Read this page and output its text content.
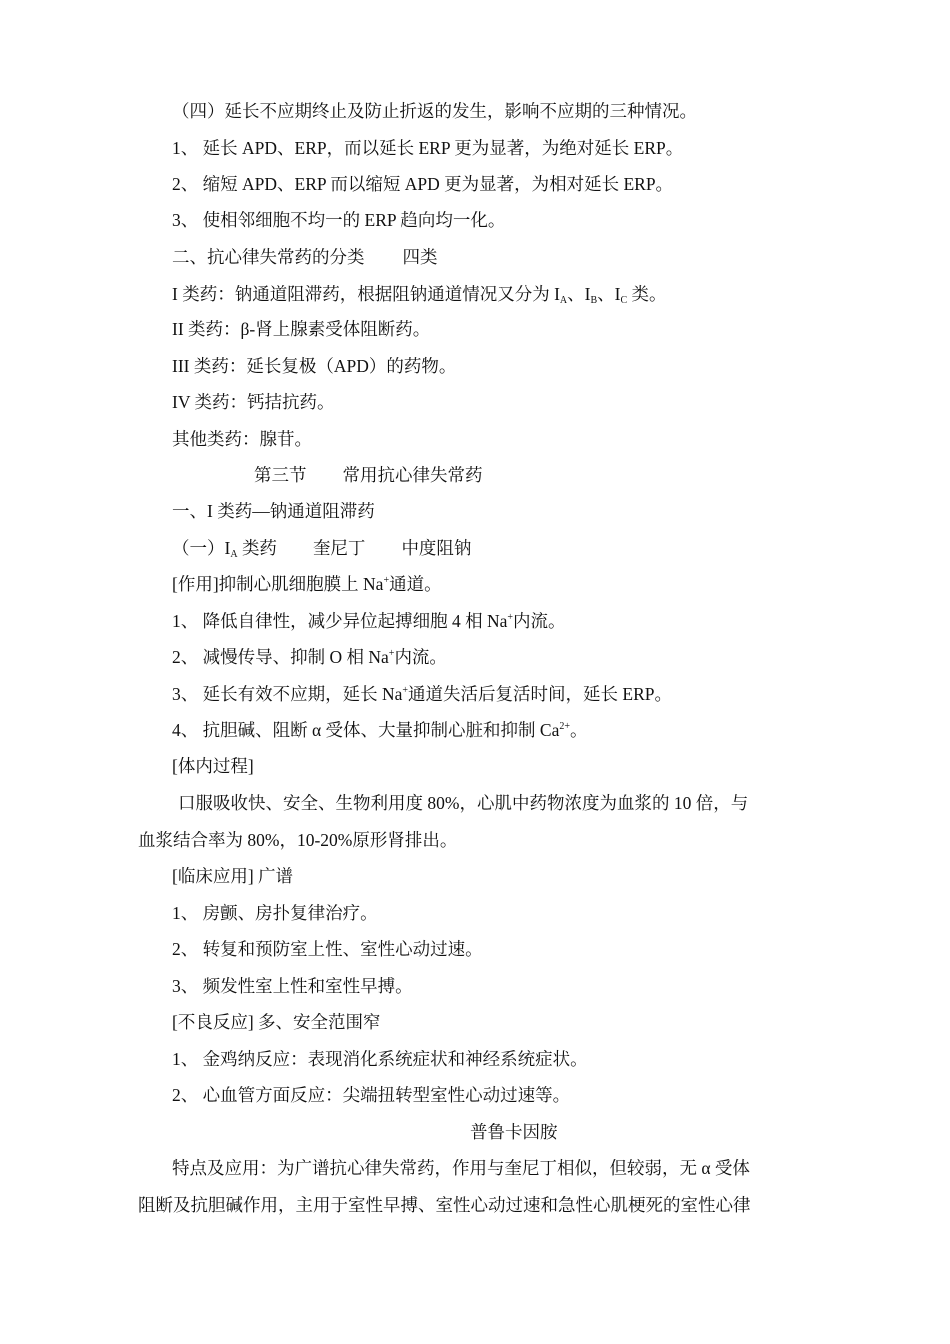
（四）延长不应期终止及防止折返的发生，影响不应期的三种情况。
1、 延长 APD、ERP，而以延长 ERP 更为显著，为绝对延长 ERP。
2、 缩短 APD、ERP 而以缩短 APD 更为显著，为相对延长 ERP。
3、 使相邻细胞不均一的 ERP 趋向均一化。
二、抗心律失常药的分类 四类
I 类药：钠通道阻滞药，根据阻钠通道情况又分为 $I_A$、$I_B$、$I_C$ 类。
II 类药：β-肾上腺素受体阻断药。
III 类药：延长复极（APD）的药物。
IV 类药：钙拮抗药。
其他类药：腺苷。
第三节 常用抗心律失常药
一、I 类药—钠通道阻滞药
（一）$I_A$ 类药 奎尼丁 中度阻钠
[作用]抑制心肌细胞膜上 Na+通道。
1、 降低自律性，减少异位起搏细胞 4 相 Na+内流。
2、 减慢传导、抑制 O 相 Na+内流。
3、 延长有效不应期，延长 Na+通道失活后复活时间，延长 ERP。
4、 抗胆碱、阻断 α 受体、大量抑制心脏和抑制 $Ca^{2+}$。
[体内过程]
口服吸收快、安全、生物利用度 80%，心肌中药物浓度为血浆的 10 倍，与
血浆结合率为 80%，10-20%原形肾排出。
[临床应用] 广谱
1、 房颤、房扑复律治疗。
2、 转复和预防室上性、室性心动过速。
3、 频发性室上性和室性早搏。
[不良反应] 多、安全范围窄
1、 金鸡纳反应：表现消化系统症状和神经系统症状。
2、 心血管方面反应：尖端扭转型室性心动过速等。
普鲁卡因胺
特点及应用：为广谱抗心律失常药，作用与奎尼丁相似，但较弱，无 α 受体
阻断及抗胆碱作用，主用于室性早搏、室性心动过速和急性心肌梗死的室性心律
